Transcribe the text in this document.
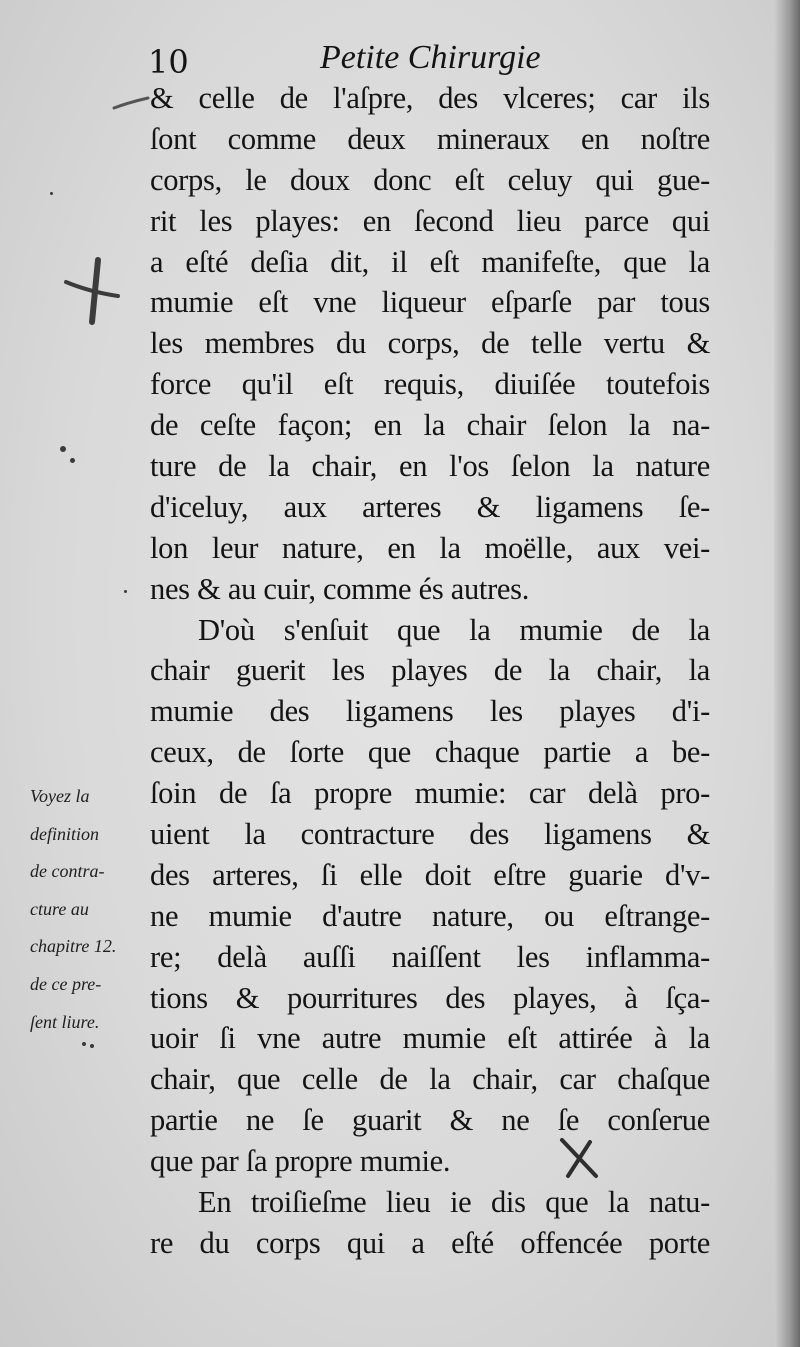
10	Petite Chirurgie
& celle de l'aſpre, des vlceres; car ils
ſont comme deux mineraux en noſtre
corps, le doux donc eſt celuy qui gue-
rit les playes: en ſecond lieu parce qui
a eſté deſia dit, il eſt manifeſte, que la
mumie eſt vne liqueur eſparſe par tous
les membres du corps, de telle vertu &
force qu'il eſt requis, diuiſée toutefois
de ceſte façon; en la chair ſelon la na-
ture de la chair, en l'os ſelon la nature
d'iceluy, aux arteres & ligamens ſe-
lon leur nature, en la moëlle, aux vei-
nes & au cuir, comme és autres.
D'où s'enſuit que la mumie de la
chair guerit les playes de la chair, la
mumie des ligamens les playes d'i-
ceux, de ſorte que chaque partie a be-
ſoin de ſa propre mumie: car delà pro-
uient la contracture des ligamens &
des arteres, ſi elle doit eſtre guarie d'v-
ne mumie d'autre nature, ou eſtrange-
re; delà auſſi naiſſent les inflamma-
tions & pourritures des playes, à ſça-
uoir ſi vne autre mumie eſt attirée à la
chair, que celle de la chair, car chaſque
partie ne ſe guarit & ne ſe conſerue
que par ſa propre mumie.
En troiſieſme lieu ie dis que la natu-
re du corps qui a eſté offencée porte
Voyez la
definition
de contra-
cture au
chapitre 12.
de ce pre-
ſent liure.
